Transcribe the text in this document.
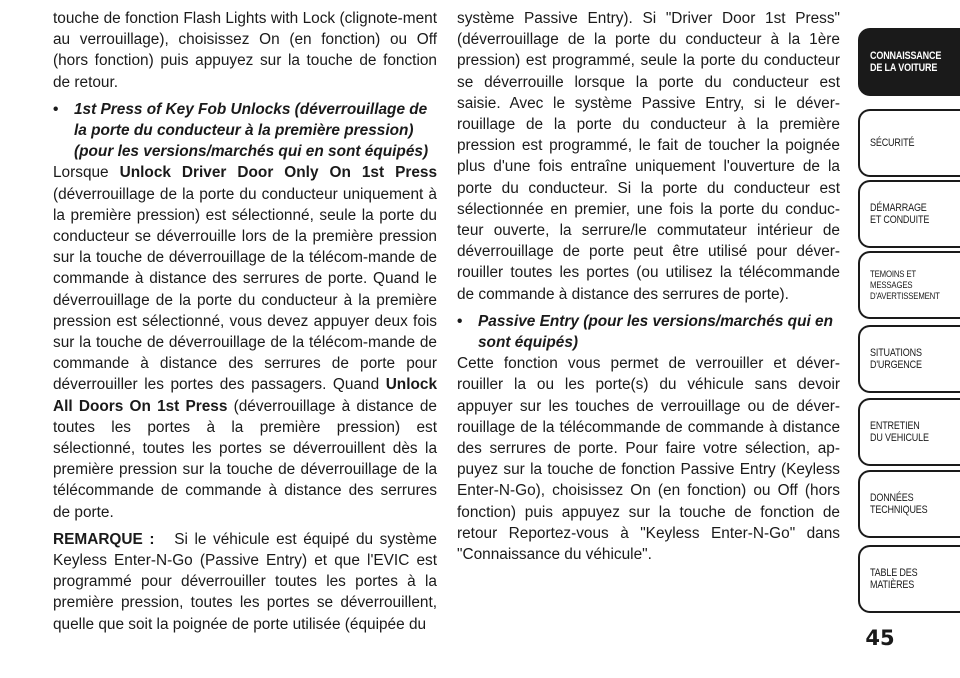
touche de fonction Flash Lights with Lock (clignote-ment au verrouillage), choisissez On (en fonction) ou Off (hors fonction) puis appuyez sur la touche de fonction de retour.

• 1st Press of Key Fob Unlocks (déverrouillage de la porte du conducteur à la première pression) (pour les versions/marchés qui en sont équipés)

Lorsque Unlock Driver Door Only On 1st Press (déverrouillage de la porte du conducteur uniquement à la première pression) est sélectionné, seule la porte du conducteur se déverrouille lors de la première pression sur la touche de déverrouillage de la télécom-mande de commande à distance des serrures de porte. Quand le déverrouillage de la porte du conducteur à la première pression est sélectionné, vous devez appuyer deux fois sur la touche de déverrouillage de la télécom-mande de commande à distance des serrures de porte pour déverrouiller les portes des passagers. Quand Unlock All Doors On 1st Press (déverrouillage à distance de toutes les portes à la première pression) est sélectionné, toutes les portes se déverrouillent dès la première pression sur la touche de déverrouillage de la télécommande de commande à distance des serrures de porte.

REMARQUE : Si le véhicule est équipé du système Keyless Enter-N-Go (Passive Entry) et que l'EVIC est programmé pour déverrouiller toutes les portes à la première pression, toutes les portes se déverrouillent, quelle que soit la poignée de porte utilisée (équipée du

système Passive Entry). Si "Driver Door 1st Press" (déverrouillage de la porte du conducteur à la 1ère pression) est programmé, seule la porte du conducteur se déverrouille lorsque la porte du conducteur est saisie. Avec le système Passive Entry, si le déver-rouillage de la porte du conducteur à la première pression est programmé, le fait de toucher la poignée plus d'une fois entraîne uniquement l'ouverture de la porte du conducteur. Si la porte du conducteur est sélectionnée en premier, une fois la porte du conduc-teur ouverte, la serrure/le commutateur intérieur de déverrouillage de porte peut être utilisé pour déver-rouiller toutes les portes (ou utilisez la télécommande de commande à distance des serrures de porte).

• Passive Entry (pour les versions/marchés qui en sont équipés)

Cette fonction vous permet de verrouiller et déver-rouiller la ou les porte(s) du véhicule sans devoir appuyer sur les touches de verrouillage ou de déver-rouillage de la télécommande de commande à distance des serrures de porte. Pour faire votre sélection, ap-puyez sur la touche de fonction Passive Entry (Keyless Enter-N-Go), choisissez On (en fonction) ou Off (hors fonction) puis appuyez sur la touche de fonction de retour Reportez-vous à "Keyless Enter-N-Go" dans "Connaissance du véhicule".

CONNAISSANCE
DE LA VOITURE
SÉCURITÉ
DÉMARRAGE
ET CONDUITE
TEMOINS ET
MESSAGES
D'AVERTISSEMENT
SITUATIONS
D'URGENCE
ENTRETIEN
DU VEHICULE
DONNÉES
TECHNIQUES
TABLE DES
MATIÈRES
45
